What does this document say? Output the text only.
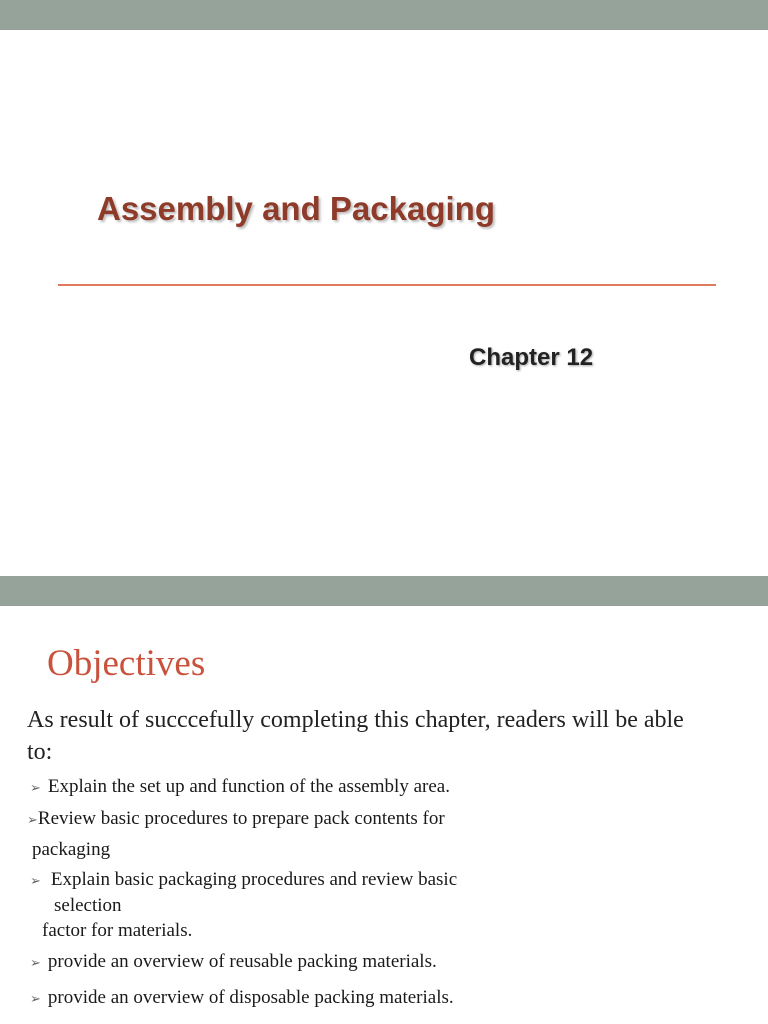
Assembly and Packaging
Chapter 12
Objectives

As result of succcefully completing this chapter, readers will be able to:

➢ Explain the set up and function of the assembly area.
➢Review basic procedures to prepare pack contents for
packaging
➢ Explain basic packaging procedures and review basic
selection
factor for materials.
➢ provide an overview of reusable packing materials.
➢ provide an overview of disposable packing materials.
